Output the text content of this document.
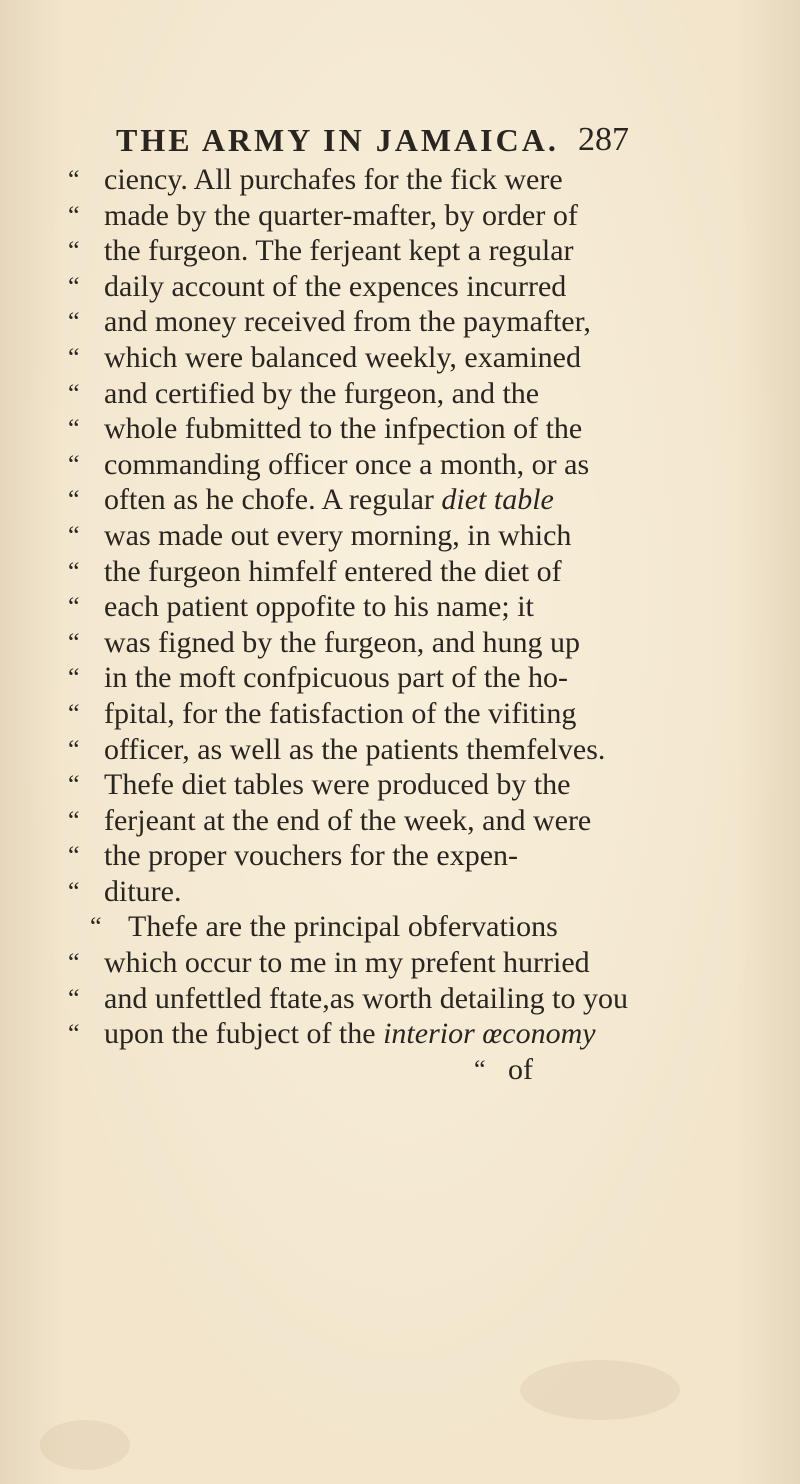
THE ARMY IN JAMAICA. 287
“ ciency. All purchafes for the fick were
“ made by the quarter-mafter, by order of
“ the furgeon. The ferjeant kept a regular
“ daily account of the expences incurred
“ and money received from the paymafter,
“ which were balanced weekly, examined
“ and certified by the furgeon, and the
“ whole fubmitted to the infpection of the
“ commanding officer once a month, or as
“ often as he chofe. A regular diet table
“ was made out every morning, in which
“ the furgeon himfelf entered the diet of
“ each patient oppofite to his name; it
“ was figned by the furgeon, and hung up
“ in the moft confpicuous part of the ho-
“ fpital, for the fatisfaction of the vifiting
“ officer, as well as the patients themfelves.
“ Thefe diet tables were produced by the
“ ferjeant at the end of the week, and were
“ the proper vouchers for the expen-
“ diture.
“ Thefe are the principal obfervations
“ which occur to me in my prefent hurried
“ and unfettled ftate,as worth detailing to you
“ upon the fubject of the interior œconomy
“ of
